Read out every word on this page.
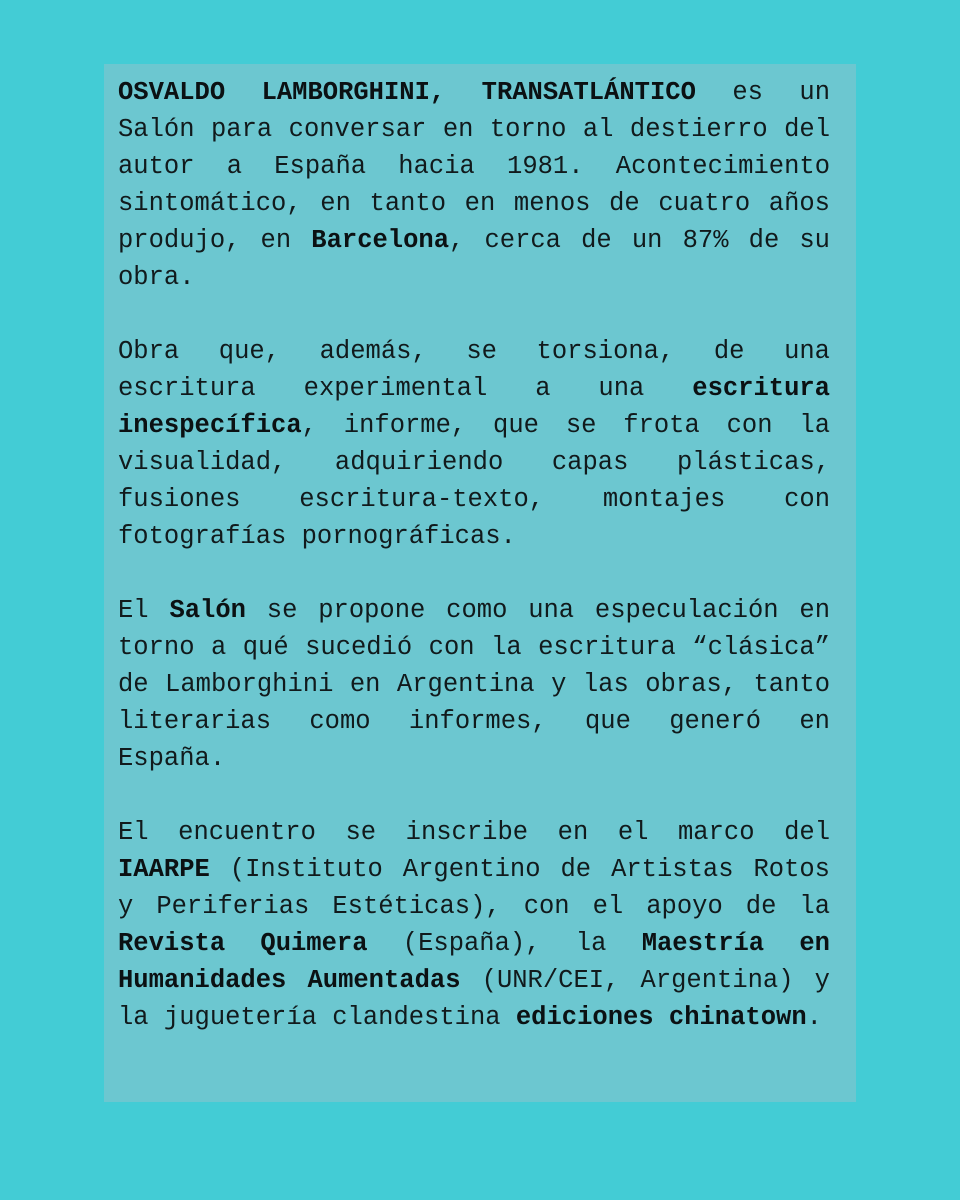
OSVALDO LAMBORGHINI, TRANSATLÁNTICO es un Salón para conversar en torno al destierro del autor a España hacia 1981. Acontecimiento sintomático, en tanto en menos de cuatro años produjo, en Barcelona, cerca de un 87% de su obra.

Obra que, además, se torsiona, de una escritura experimental a una escritura inespecífica, informe, que se frota con la visualidad, adquiriendo capas plásticas, fusiones escritura-texto, montajes con fotografías pornográficas.

El Salón se propone como una especulación en torno a qué sucedió con la escritura “clásica” de Lamborghini en Argentina y las obras, tanto literarias como informes, que generó en España.

El encuentro se inscribe en el marco del IAARPE (Instituto Argentino de Artistas Rotos y Periferias Estéticas), con el apoyo de la Revista Quimera (España), la Maestría en Humanidades Aumentadas (UNR/CEI, Argentina) y la juguetería clandestina ediciones chinatown.
